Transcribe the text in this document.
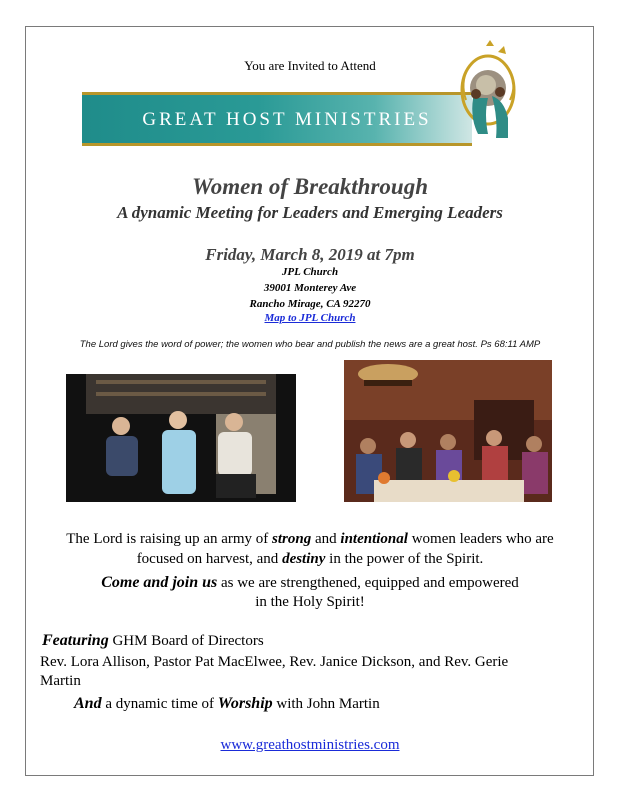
You are Invited to Attend
GREAT HOST MINISTRIES
Women of Breakthrough
A dynamic Meeting for Leaders and Emerging Leaders
Friday, March 8, 2019 at 7pm
JPL Church
39001 Monterey Ave
Rancho Mirage, CA 92270
Map to JPL Church
The Lord gives the word of power; the women who bear and publish the news are a great host. Ps 68:11 AMP
The Lord is raising up an army of strong and intentional women leaders who are
focused on harvest, and destiny in the power of the Spirit.
Come and join us as we are strengthened, equipped and empowered
in the Holy Spirit!
Featuring GHM Board of Directors
Rev. Lora Allison, Pastor Pat MacElwee, Rev. Janice Dickson, and Rev. Gerie
Martin
And a dynamic time of Worship with John Martin
www.greathostministries.com
